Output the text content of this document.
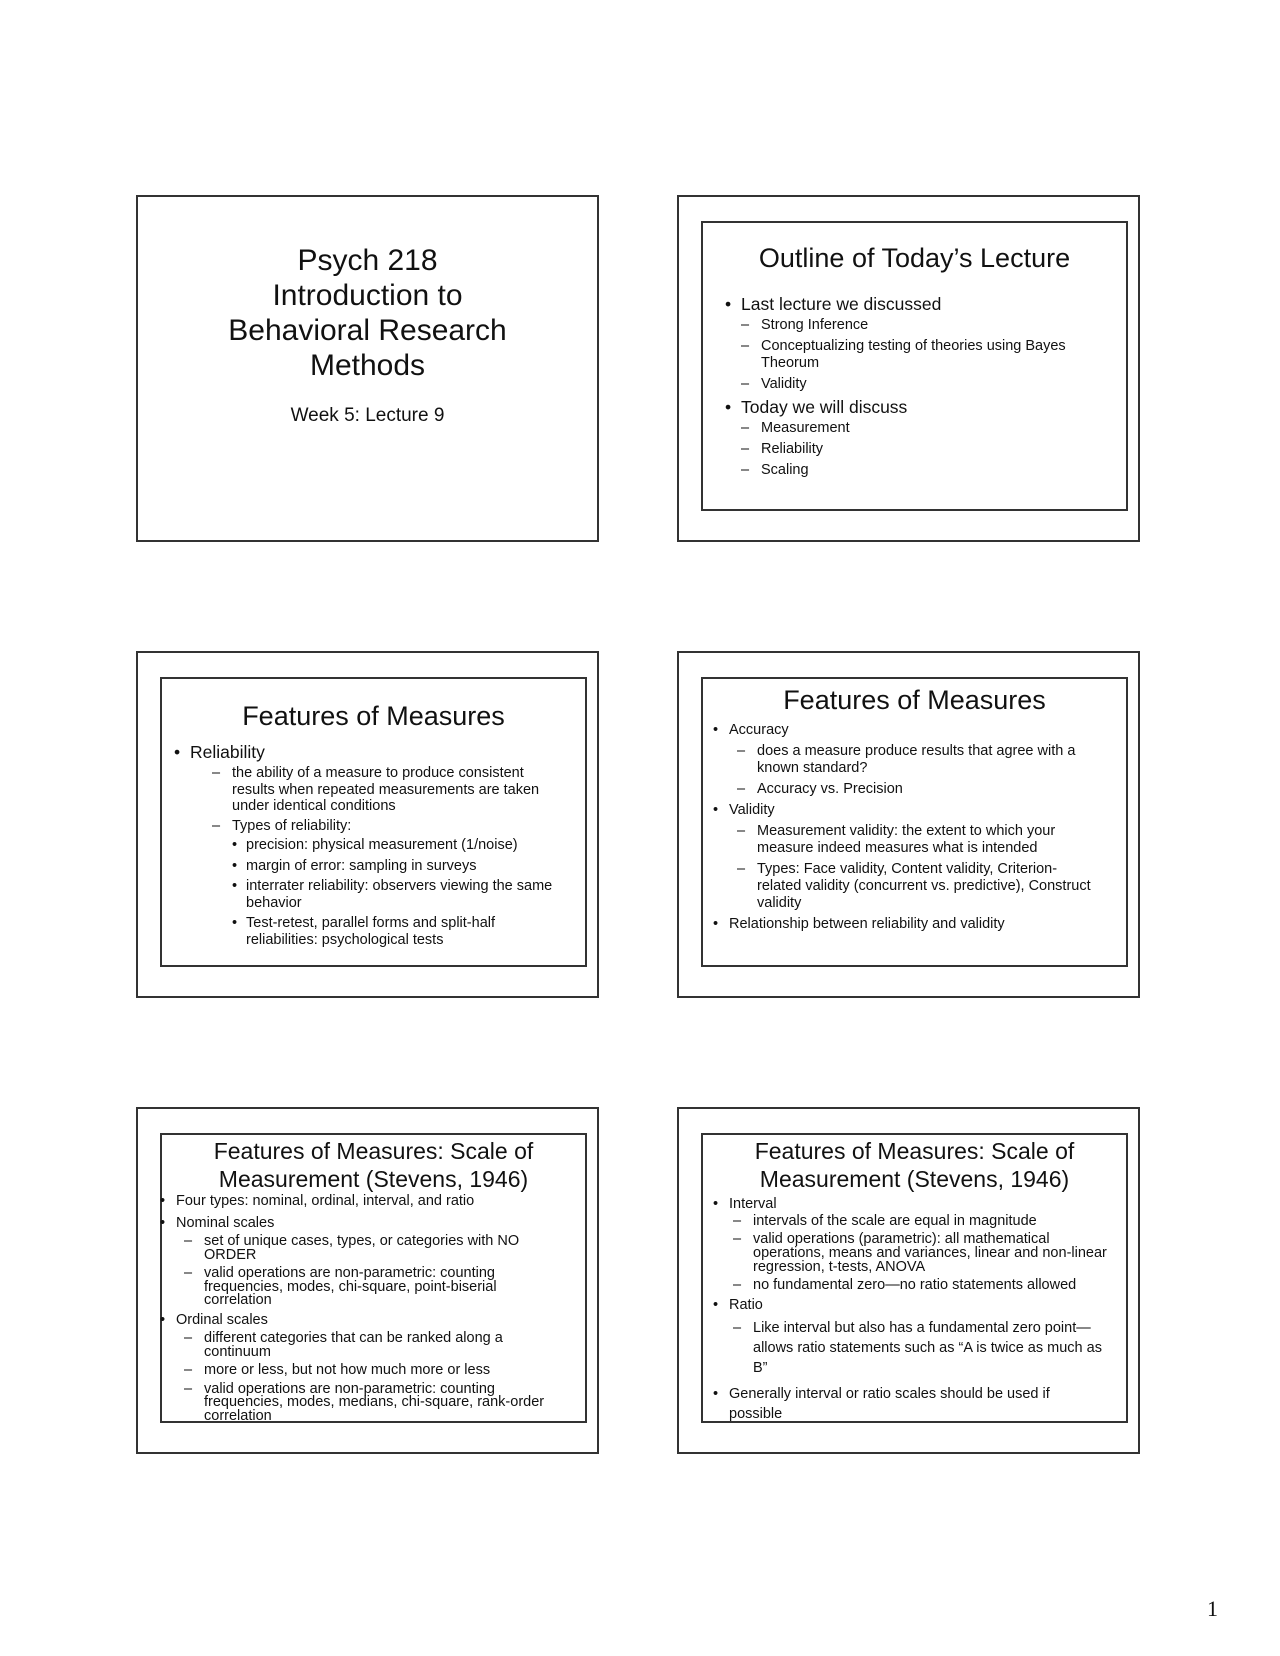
Psych 218
Introduction to
Behavioral Research
Methods
Week 5: Lecture 9
Outline of Today’s Lecture
• Last lecture we discussed
– Strong Inference
– Conceptualizing testing of theories using Bayes Theorum
– Validity
• Today we will discuss
– Measurement
– Reliability
– Scaling
Features of Measures
• Reliability
– the ability of a measure to produce consistent results when repeated measurements are taken under identical conditions
– Types of reliability:
• precision: physical measurement (1/noise)
• margin of error: sampling in surveys
• interrater reliability: observers viewing the same behavior
• Test-retest, parallel forms and split-half reliabilities: psychological tests
Features of Measures
• Accuracy
– does a measure produce results that agree with a known standard?
– Accuracy vs. Precision
• Validity
– Measurement validity: the extent to which your measure indeed measures what is intended
– Types: Face validity, Content validity, Criterion-related validity (concurrent vs. predictive), Construct validity
• Relationship between reliability and validity
Features of Measures: Scale of
Measurement (Stevens, 1946)
• Four types: nominal, ordinal, interval, and ratio
• Nominal scales
– set of unique cases, types, or categories with NO ORDER
– valid operations are non-parametric: counting frequencies, modes, chi-square, point-biserial correlation
• Ordinal scales
– different categories that can be ranked along a continuum
– more or less, but not how much more or less
– valid operations are non-parametric: counting frequencies, modes, medians, chi-square, rank-order correlation
Features of Measures: Scale of
Measurement (Stevens, 1946)
• Interval
– intervals of the scale are equal in magnitude
– valid operations (parametric): all mathematical operations, means and variances, linear and non-linear regression, t-tests, ANOVA
– no fundamental zero—no ratio statements allowed
• Ratio
– Like interval but also has a fundamental zero point—allows ratio statements such as “A is twice as much as B”
• Generally interval or ratio scales should be used if possible
1
